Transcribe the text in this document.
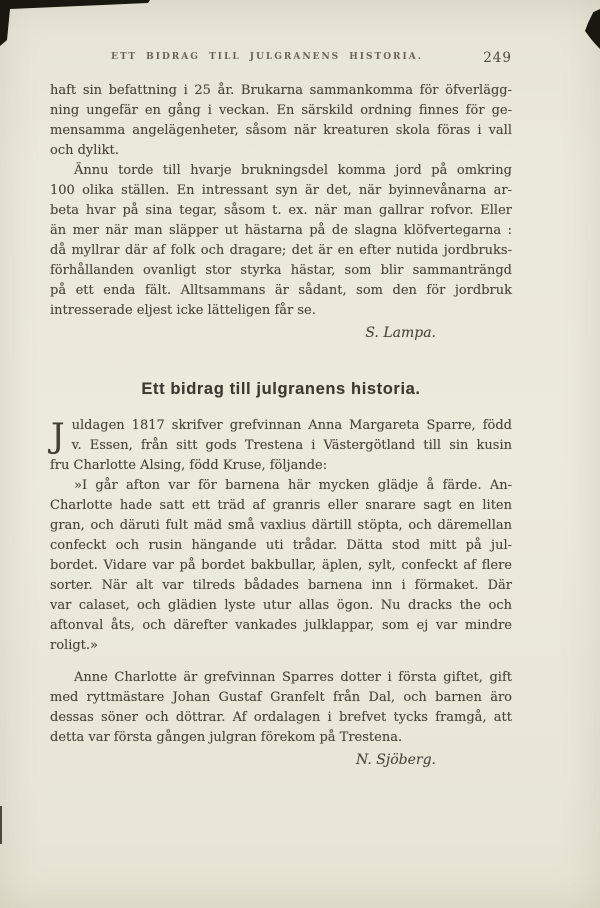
ETT BIDRAG TILL JULGRANENS HISTORIA.	249
haft sin befattning i 25 år. Brukarna sammankomma för öfverlägg-
ning ungefär en gång i veckan. En särskild ordning finnes för ge-
mensamma angelägenheter, såsom när kreaturen skola föras i vall
och dylikt.
Ännu torde till hvarje brukningsdel komma jord på omkring
100 olika ställen. En intressant syn är det, när byinnevånarna ar-
beta hvar på sina tegar, såsom t. ex. när man gallrar rofvor. Eller
än mer när man släpper ut hästarna på de slagna klöfvertegarna :
då myllrar där af folk och dragare; det är en efter nutida jordbruks-
förhållanden ovanligt stor styrka hästar, som blir sammanträngd
på ett enda fält. Alltsammans är sådant, som den för jordbruk
intresserade eljest icke lätteligen får se.
S. Lampa.
Ett bidrag till julgranens historia.
J uldagen 1817 skrifver grefvinnan Anna Margareta Sparre, född
v. Essen, från sitt gods Trestena i Västergötland till sin kusin
fru Charlotte Alsing, född Kruse, följande:
»I går afton var för barnena här mycken glädje å färde. An-
Charlotte hade satt ett träd af granris eller snarare sagt en liten
gran, och däruti fult mäd små vaxlius därtill stöpta, och däremellan
confeckt och rusin hängande uti trådar. Dätta stod mitt på jul-
bordet. Vidare var på bordet bakbullar, äplen, sylt, confeckt af flere
sorter. När alt var tilreds bådades barnena inn i förmaket. Där
var calaset, och glädien lyste utur allas ögon. Nu dracks the och
aftonval åts, och därefter vankades julklappar, som ej var mindre
roligt.»
Anne Charlotte är grefvinnan Sparres dotter i första giftet, gift
med ryttmästare Johan Gustaf Granfelt från Dal, och barnen äro
dessas söner och döttrar. Af ordalagen i brefvet tycks framgå, att
detta var första gången julgran förekom på Trestena.
N. Sjöberg.
